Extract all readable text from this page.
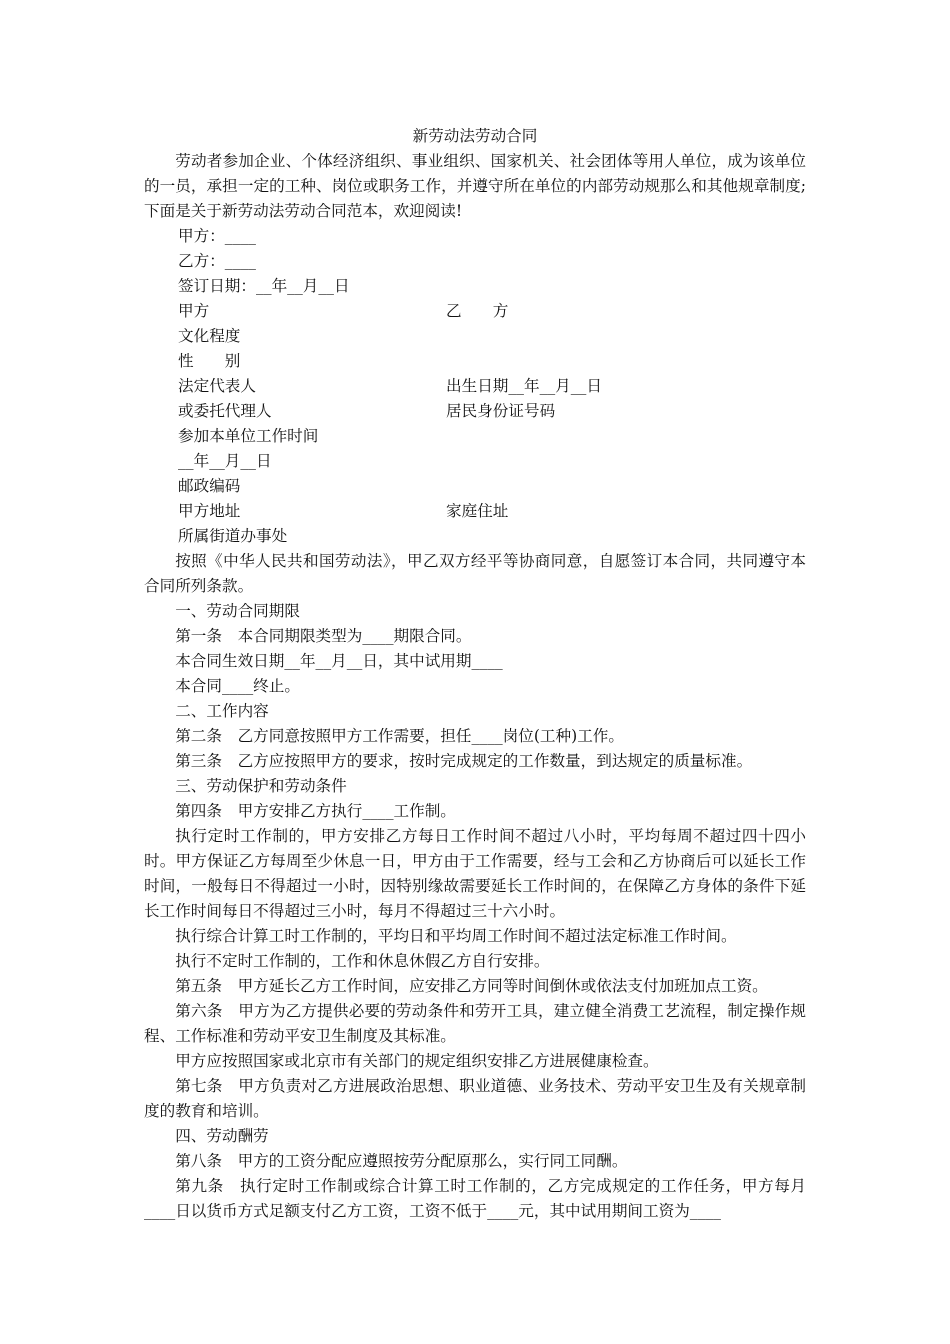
新劳动法劳动合同

劳动者参加企业、个体经济组织、事业组织、国家机关、社会团体等用人单位，成为该单位的一员，承担一定的工种、岗位或职务工作，并遵守所在单位的内部劳动规那么和其他规章制度;下面是关于新劳动法劳动合同范本，欢迎阅读!

甲方：____

乙方：____

签订日期：__年__月__日

甲方	乙　　方
文化程度
性　　别
法定代表人	出生日期__年__月__日
或委托代理人	居民身份证号码
参加本单位工作时间
__年__月__日
邮政编码
甲方地址	家庭住址
所属街道办事处

按照《中华人民共和国劳动法》，甲乙双方经平等协商同意，自愿签订本合同，共同遵守本合同所列条款。

一、劳动合同期限

第一条　本合同期限类型为____期限合同。

本合同生效日期__年__月__日，其中试用期____

本合同____终止。

二、工作内容

第二条　乙方同意按照甲方工作需要，担任____岗位(工种)工作。

第三条　乙方应按照甲方的要求，按时完成规定的工作数量，到达规定的质量标准。

三、劳动保护和劳动条件

第四条　甲方安排乙方执行____工作制。

执行定时工作制的，甲方安排乙方每日工作时间不超过八小时，平均每周不超过四十四小时。甲方保证乙方每周至少休息一日，甲方由于工作需要，经与工会和乙方协商后可以延长工作时间，一般每日不得超过一小时，因特别缘故需要延长工作时间的，在保障乙方身体的条件下延长工作时间每日不得超过三小时，每月不得超过三十六小时。

执行综合计算工时工作制的，平均日和平均周工作时间不超过法定标准工作时间。

执行不定时工作制的，工作和休息休假乙方自行安排。

第五条　甲方延长乙方工作时间，应安排乙方同等时间倒休或依法支付加班加点工资。

第六条　甲方为乙方提供必要的劳动条件和劳开工具，建立健全消费工艺流程，制定操作规程、工作标准和劳动平安卫生制度及其标准。

甲方应按照国家或北京市有关部门的规定组织安排乙方进展健康检查。

第七条　甲方负责对乙方进展政治思想、职业道德、业务技术、劳动平安卫生及有关规章制度的教育和培训。

四、劳动酬劳

第八条　甲方的工资分配应遵照按劳分配原那么，实行同工同酬。

第九条　执行定时工作制或综合计算工时工作制的，乙方完成规定的工作任务，甲方每月____日以货币方式足额支付乙方工资，工资不低于____元，其中试用期间工资为____
